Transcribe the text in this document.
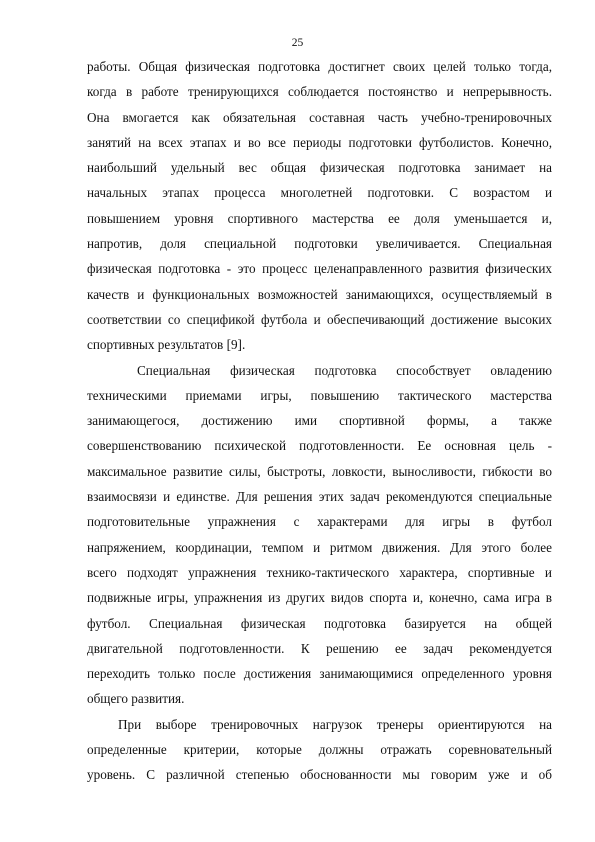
25
работы. Общая физическая подготовка достигнет своих целей только тогда,
когда в работе тренирующихся соблюдается постоянство и непрерывность.
Она вмогается как обязательная составная часть учебно-тренировочных
занятий на всех этапах и во все периоды подготовки футболистов. Конечно,
наибольший удельный вес общая физическая подготовка занимает на
начальных этапах процесса многолетней подготовки. С возрастом и
повышением уровня спортивного мастерства ее доля уменьшается и,
напротив, доля специальной подготовки увеличивается. Специальная
физическая подготовка - это процесс целенаправленного развития физических
качеств и функциональных возможностей занимающихся, осуществляемый в
соответствии со спецификой футбола и обеспечивающий достижение высоких
спортивных результатов [9].
Специальная физическая подготовка способствует овладению
техническими приемами игры, повышению тактического мастерства
занимающегося, достижению ими спортивной формы, а также
совершенствованию психической подготовленности. Ее основная цель -
максимальное развитие силы, быстроты, ловкости, выносливости, гибкости во
взаимосвязи и единстве. Для решения этих задач рекомендуются специальные
подготовительные упражнения с характерами для игры в футбол
напряжением, координации, темпом и ритмом движения. Для этого более
всего подходят упражнения технико-тактического характера, спортивные и
подвижные игры, упражнения из других видов спорта и, конечно, сама игра в
футбол. Специальная физическая подготовка базируется на общей
двигательной подготовленности. К решению ее задач рекомендуется
переходить только после достижения занимающимися определенного уровня
общего развития.
При выборе тренировочных нагрузок тренеры ориентируются на
определенные критерии, которые должны отражать соревновательный
уровень. С различной степенью обоснованности мы говорим уже и об
